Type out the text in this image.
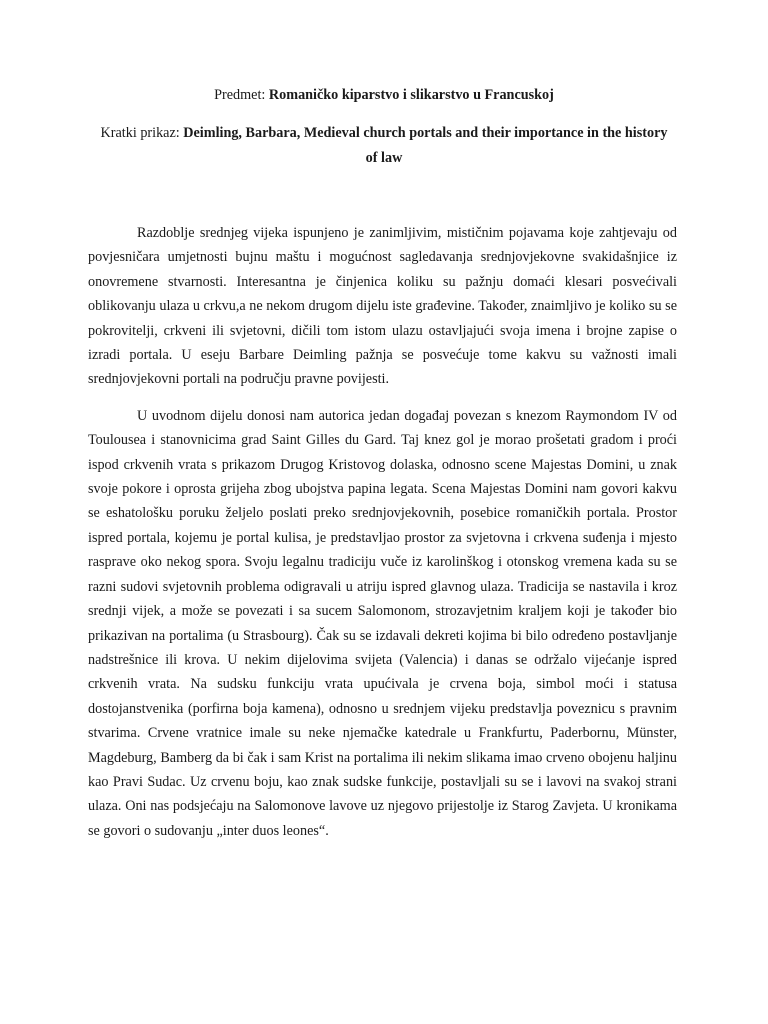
Predmet: Romaničko kiparstvo i slikarstvo u Francuskoj
Kratki prikaz: Deimling, Barbara, Medieval church portals and their importance in the history of law

Razdoblje srednjeg vijeka ispunjeno je zanimljivim, mističnim pojavama koje zahtjevaju od povjesničara umjetnosti bujnu maštu i mogućnost sagledavanja srednjovjekovne svakidašnjice iz onovremene stvarnosti. Interesantna je činjenica koliku su pažnju domaći klesari posvećivali oblikovanju ulaza u crkvu,a ne nekom drugom dijelu iste građevine. Također, znaimljivo je koliko su se pokrovitelji, crkveni ili svjetovni, dičili tom istom ulazu ostavljajući svoja imena i brojne zapise o izradi portala. U eseju Barbare Deimling pažnja se posvećuje tome kakvu su važnosti imali srednjovjekovni portali na području pravne povijesti.

U uvodnom dijelu donosi nam autorica jedan događaj povezan s knezom Raymondom IV od Toulousea i stanovnicima grad Saint Gilles du Gard. Taj knez gol je morao prošetati gradom i proći ispod crkvenih vrata s prikazom Drugog Kristovog dolaska, odnosno scene Majestas Domini, u znak svoje pokore i oprosta grijeha zbog ubojstva papina legata. Scena Majestas Domini nam govori kakvu se eshatološku poruku željelo poslati preko srednjovjekovnih, posebice romaničkih portala. Prostor ispred portala, kojemu je portal kulisa, je predstavljao prostor za svjetovna i crkvena suđenja i mjesto rasprave oko nekog spora. Svoju legalnu tradiciju vuče iz karolinškog i otonskog vremena kada su se razni sudovi svjetovnih problema odigravali u atriju ispred glavnog ulaza. Tradicija se nastavila i kroz srednji vijek, a može se povezati i sa sucem Salomonom, strozavjetnim kraljem koji je također bio prikazivan na portalima (u Strasbourg). Čak su se izdavali dekreti kojima bi bilo određeno postavljanje nadstrešnice ili krova. U nekim dijelovima svijeta (Valencia) i danas se održalo vijećanje ispred crkvenih vrata. Na sudsku funkciju vrata upućivala je crvena boja, simbol moći i statusa dostojanstvenika (porfirna boja kamena), odnosno u srednjem vijeku predstavlja poveznicu s pravnim stvarima. Crvene vratnice imale su neke njemačke katedrale u Frankfurtu, Paderbornu, Münster, Magdeburg, Bamberg da bi čak i sam Krist na portalima ili nekim slikama imao crveno obojenu haljinu kao Pravi Sudac. Uz crvenu boju, kao znak sudske funkcije, postavljali su se i lavovi na svakoj strani ulaza. Oni nas podsjećaju na Salomonove lavove uz njegovo prijestolje iz Starog Zavjeta. U kronikama se govori o sudovanju „inter duos leones“.
